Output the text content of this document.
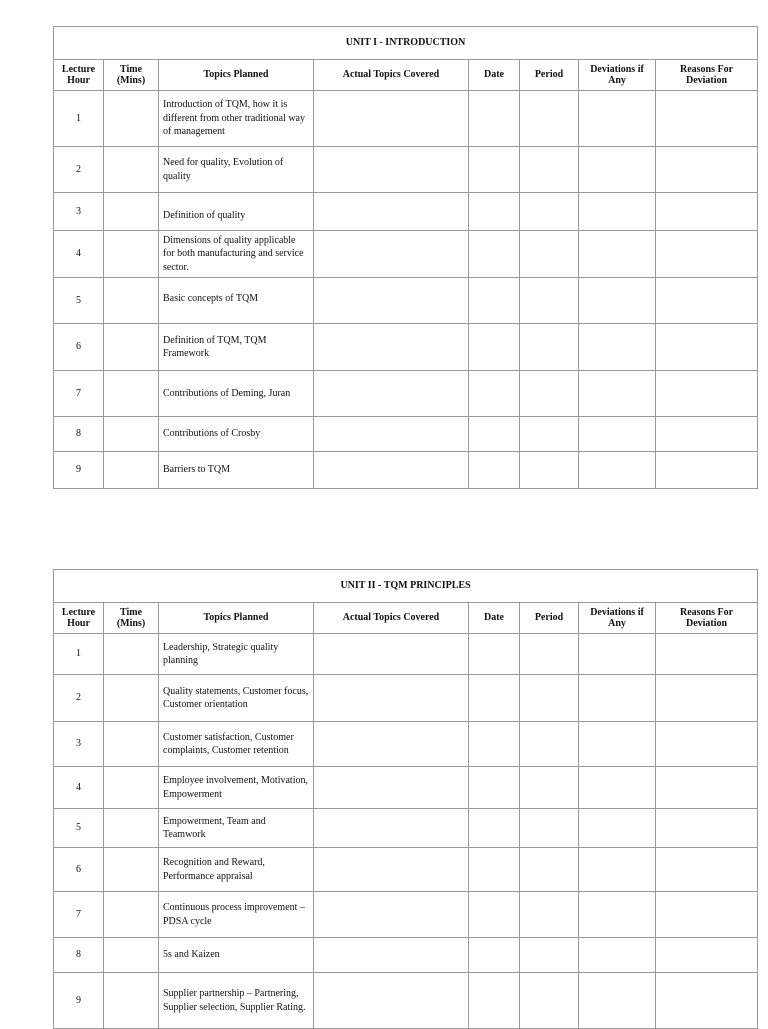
UNIT I - INTRODUCTION							
Lecture Hour	Time (Mins)	Topics Planned	Actual Topics Covered	Date	Period	Deviations if Any	Reasons For Deviation
1		Introduction of TQM, how it is different from other traditional way of management					
2		Need for quality, Evolution of quality					
3		Definition of quality					
4		Dimensions of quality applicable for both manufacturing and service sector.					
5		Basic concepts of TQM					
6		Definition of TQM, TQM Framework					
7		Contributions of Deming, Juran					
8		Contributions of Crosby					
9		Barriers to TQM					
UNIT II - TQM PRINCIPLES							
Lecture Hour	Time (Mins)	Topics Planned	Actual Topics Covered	Date	Period	Deviations if Any	Reasons For Deviation
1		Leadership, Strategic quality planning					
2		Quality statements, Customer focus, Customer orientation					
3		Customer satisfaction, Customer complaints, Customer retention					
4		Employee involvement, Motivation, Empowerment					
5		Empowerment, Team and Teamwork					
6		Recognition and Reward, Performance appraisal					
7		Continuous process improvement – PDSA cycle					
8		5s and Kaizen					
9		Supplier partnership – Partnering, Supplier selection, Supplier Rating.					
